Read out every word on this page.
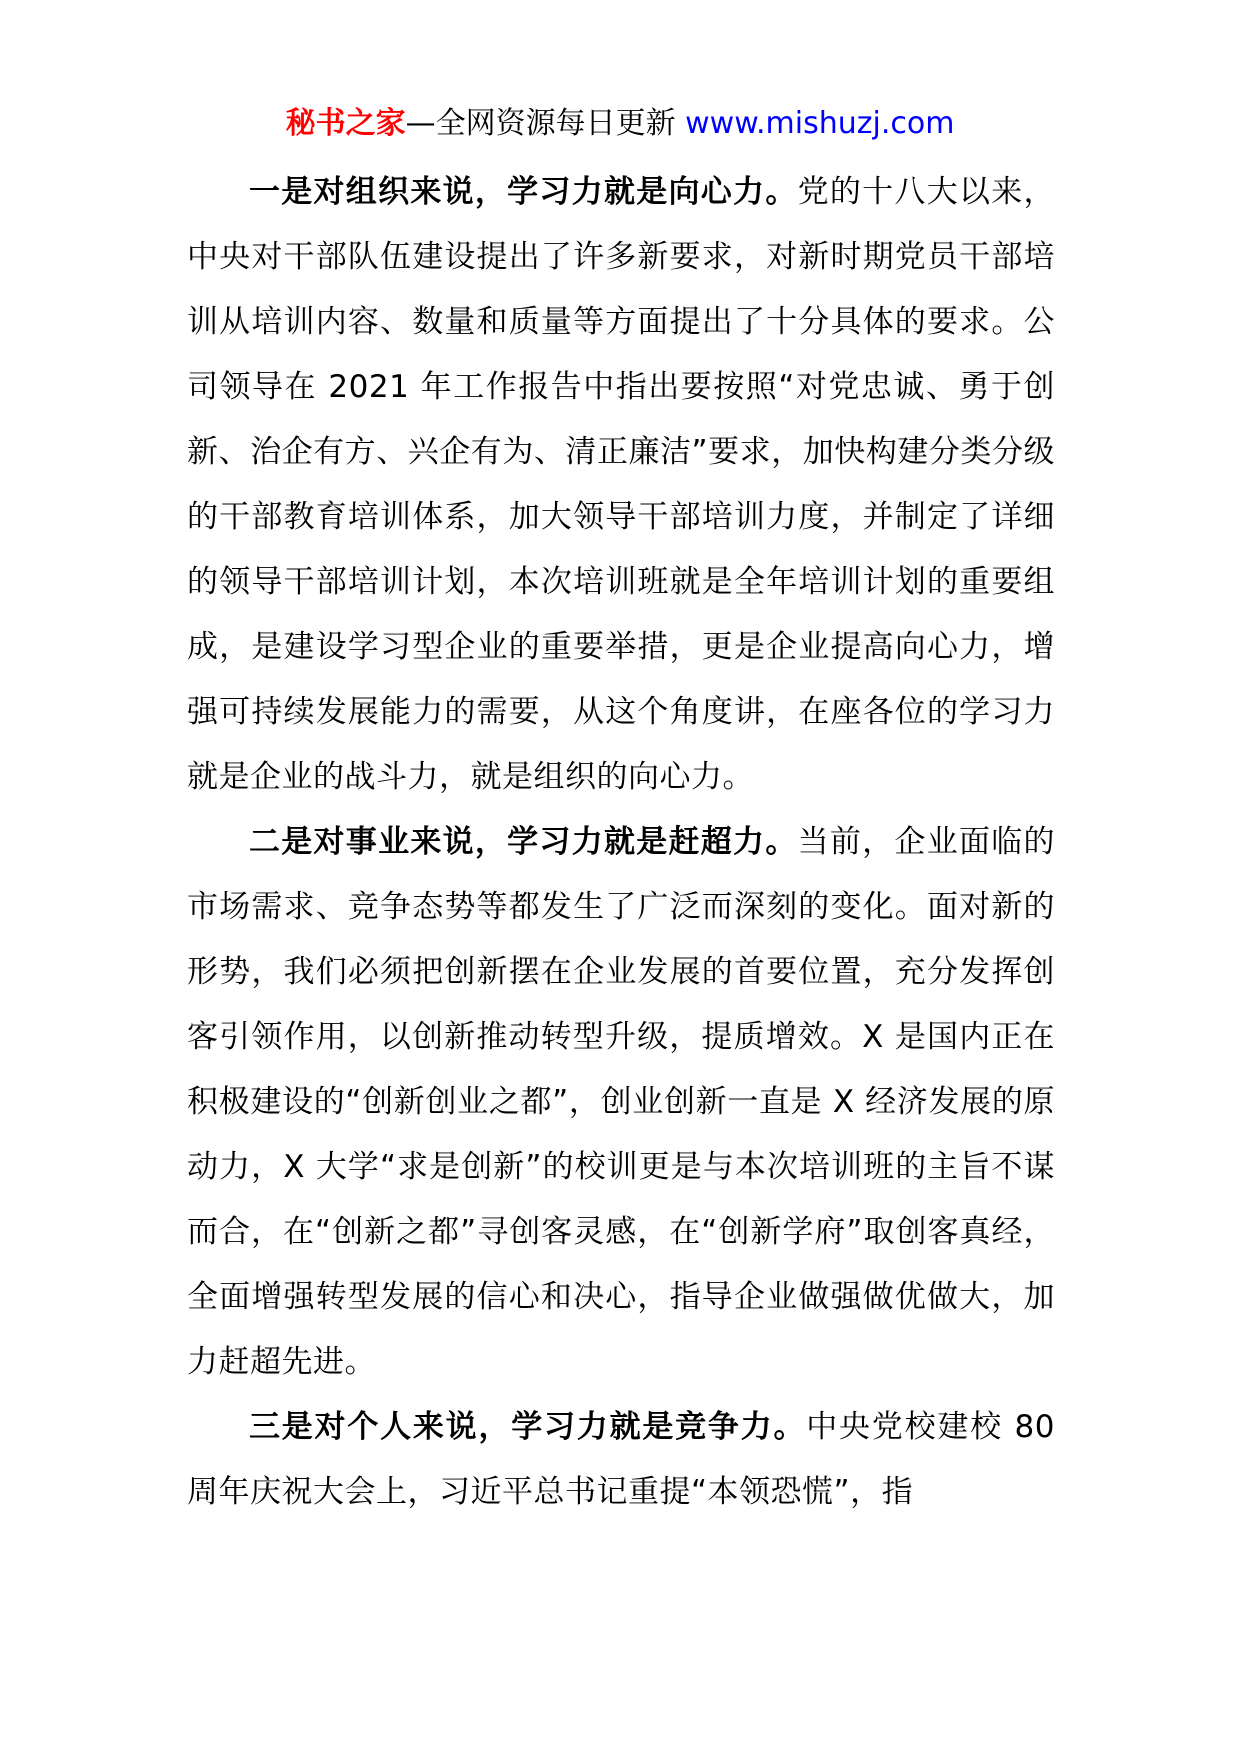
秘书之家—全网资源每日更新 www.mishuzj.com

一是对组织来说，学习力就是向心力。党的十八大以来，中央对干部队伍建设提出了许多新要求，对新时期党员干部培训从培训内容、数量和质量等方面提出了十分具体的要求。公司领导在 2021 年工作报告中指出要按照“对党忠诚、勇于创新、治企有方、兴企有为、清正廉洁”要求，加快构建分类分级的干部教育培训体系，加大领导干部培训力度，并制定了详细的领导干部培训计划，本次培训班就是全年培训计划的重要组成，是建设学习型企业的重要举措，更是企业提高向心力，增强可持续发展能力的需要，从这个角度讲，在座各位的学习力就是企业的战斗力，就是组织的向心力。

二是对事业来说，学习力就是赶超力。当前，企业面临的市场需求、竞争态势等都发生了广泛而深刻的变化。面对新的形势，我们必须把创新摆在企业发展的首要位置，充分发挥创客引领作用，以创新推动转型升级，提质增效。X 是国内正在积极建设的“创新创业之都”，创业创新一直是 X 经济发展的原动力，X 大学“求是创新”的校训更是与本次培训班的主旨不谋而合，在“创新之都”寻创客灵感，在“创新学府”取创客真经，全面增强转型发展的信心和决心，指导企业做强做优做大，加力赶超先进。

三是对个人来说，学习力就是竞争力。中央党校建校 80 周年庆祝大会上，习近平总书记重提“本领恐慌”，指
